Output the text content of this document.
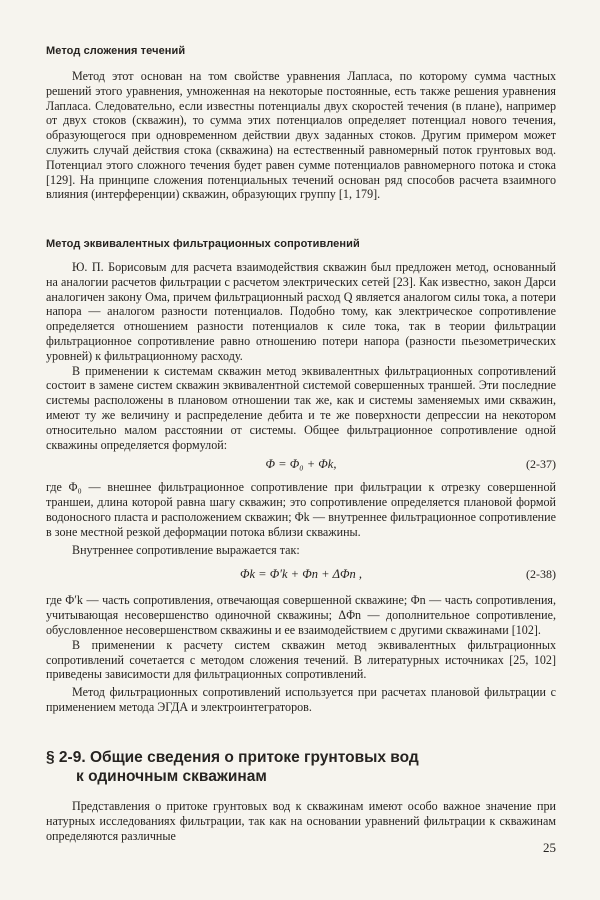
Метод сложения течений

Метод этот основан на том свойстве уравнения Лапласа, по которому сумма частных решений этого уравнения, умноженная на некоторые постоянные, есть также решения уравнения Лапласа. Следовательно, если известны потенциалы двух скоростей течения (в плане), например от двух стоков (скважин), то сумма этих потенциалов определяет потенциал нового течения, образующегося при одновременном действии двух заданных стоков. Другим примером может служить случай действия стока (скважина) на естественный равномерный поток грунтовых вод. Потенциал этого сложного течения будет равен сумме потенциалов равномерного потока и стока [129]. На принципе сложения потенциальных течений основан ряд способов расчета взаимного влияния (интерференции) скважин, образующих группу [1, 179].

Метод эквивалентных фильтрационных сопротивлений

Ю. П. Борисовым для расчета взаимодействия скважин был предложен метод, основанный на аналогии расчетов фильтрации с расчетом электрических сетей [23]. Как известно, закон Дарси аналогичен закону Ома, причем фильтрационный расход Q является аналогом силы тока, а потери напора — аналогом разности потенциалов. Подобно тому, как электрическое сопротивление определяется отношением разности потенциалов к силе тока, так в теории фильтрации фильтрационное сопротивление равно отношению потери напора (разности пьезометрических уровней) к фильтрационному расходу.

В применении к системам скважин метод эквивалентных фильтрационных сопротивлений состоит в замене систем скважин эквивалентной системой совершенных траншей. Эти последние системы расположены в плановом отношении так же, как и системы заменяемых ими скважин, имеют ту же величину и распределение дебита и те же поверхности депрессии на некотором относительно малом расстоянии от системы. Общее фильтрационное сопротивление одной скважины определяется формулой:

Φ = Φ₀ + Φk,	(2-37)

где Φ₀ — внешнее фильтрационное сопротивление при фильтрации к отрезку совершенной траншеи, длина которой равна шагу скважин; это сопротивление определяется плановой формой водоносного пласта и расположением скважин; Φk — внутреннее фильтрационное сопротивление в зоне местной резкой деформации потока вблизи скважины.

Внутреннее сопротивление выражается так:

Φk = Φ′k + Φn + ΔΦn ,	(2-38)

где Φ′k — часть сопротивления, отвечающая совершенной скважине; Φn — часть сопротивления, учитывающая несовершенство одиночной скважины; ΔΦn — дополнительное сопротивление, обусловленное несовершенством скважины и ее взаимодействием с другими скважинами [102].

В применении к расчету систем скважин метод эквивалентных фильтрационных сопротивлений сочетается с методом сложения течений. В литературных источниках [25, 102] приведены зависимости для фильтрационных сопротивлений.

Метод фильтрационных сопротивлений используется при расчетах плановой фильтрации с применением метода ЭГДА и электроинтеграторов.

§ 2-9. Общие сведения о притоке грунтовых вод
к одиночным скважинам

Представления о притоке грунтовых вод к скважинам имеют особо важное значение при натурных исследованиях фильтрации, так как на основании уравнений фильтрации к скважинам определяются различные

25
